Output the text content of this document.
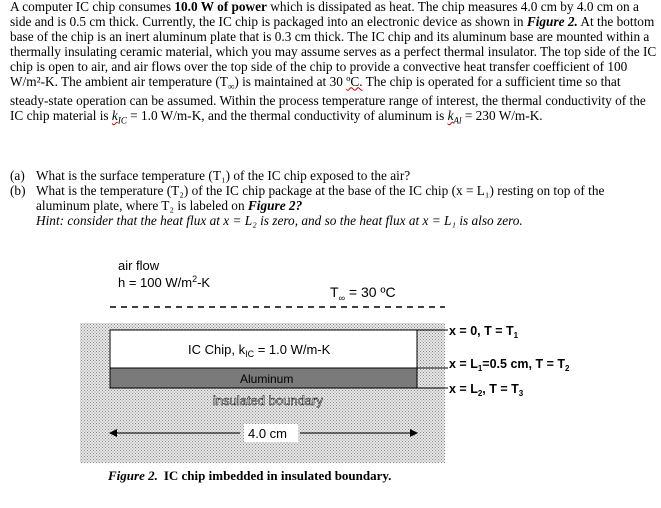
A computer IC chip consumes 10.0 W of power which is dissipated as heat. The chip measures 4.0 cm by 4.0 cm on a side and is 0.5 cm thick. Currently, the IC chip is packaged into an electronic device as shown in Figure 2. At the bottom base of the chip is an inert aluminum plate that is 0.3 cm thick. The IC chip and its aluminum base are mounted within a thermally insulating ceramic material, which you may assume serves as a perfect thermal insulator. The top side of the IC chip is open to air, and air flows over the top side of the chip to provide a convective heat transfer coefficient of 100 W/m²-K. The ambient air temperature $(T_\infty)$ is maintained at 30 ºC. The chip is operated for a sufficient time so that steady-state operation can be assumed. Within the process temperature range of interest, the thermal conductivity of the IC chip material is $k_{IC} = 1.0$ W/m-K, and the thermal conductivity of aluminum is $k_{Al} = 230$ W/m-K.

(a) What is the surface temperature (T₁) of the IC chip exposed to the air?
(b) What is the temperature (T₂) of the IC chip package at the base of the IC chip (x = L₁) resting on top of the aluminum plate, where T₂ is labeled on Figure 2?
Hint: consider that the heat flux at x = L₂ is zero, and so the heat flux at x = L₁ is also zero.
air flow
h = 100 $W/m^2-K$
$T_\infty = 30$ ºC
IC Chip, $k_{IC} = 1.0$ W/m-K
Aluminum
insulated boundary
4.0 cm
x = 0, $T = T_1$
$x = L_1=0.5$ cm, $T = T_2$
$x = L_2$, $T = T_3$
Figure 2. IC chip imbedded in insulated boundary.
